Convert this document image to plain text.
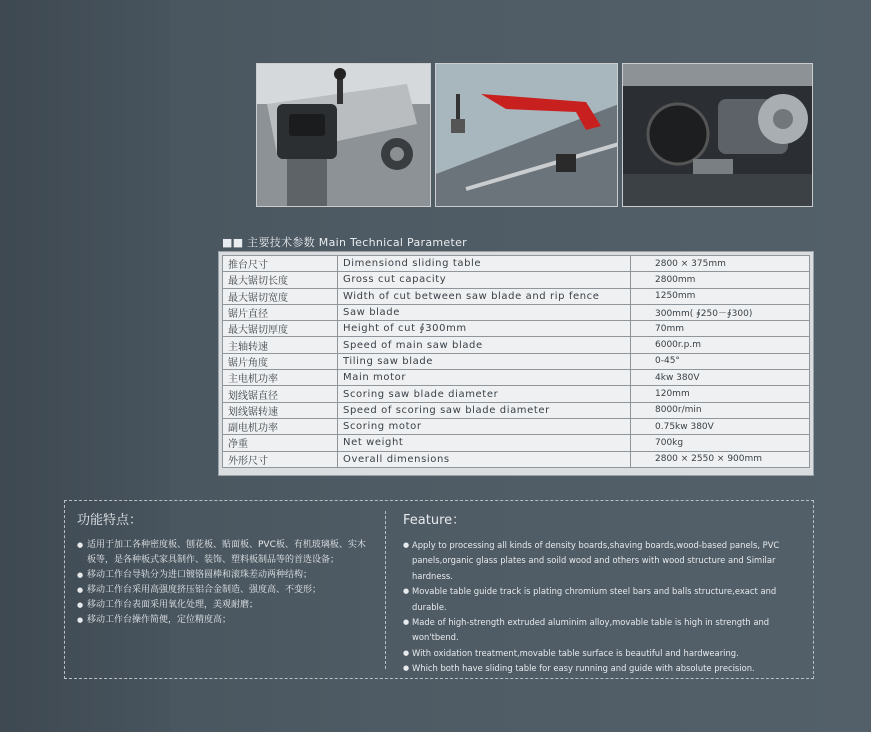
■■ 主要技术参数 Main Technical Parameter
推台尺寸	Dimensiond sliding table	2800 × 375mm
最大锯切长度	Gross cut capacity	2800mm
最大锯切宽度	Width of cut between saw blade and rip fence	1250mm
锯片直径	Saw blade	300mm( ∮250－∮300)
最大锯切厚度	Height of cut ∮300mm	70mm
主轴转速	Speed of main saw blade	6000r.p.m
锯片角度	Tiling saw blade	0-45°
主电机功率	Main motor	4kw 380V
划线锯直径	Scoring saw blade diameter	120mm
划线锯转速	Speed of scoring saw blade diameter	8000r/min
副电机功率	Scoring motor	0.75kw 380V
净重	Net weight	700kg
外形尺寸	Overall dimensions	2800 × 2550 × 900mm
功能特点：
● 适用于加工各种密度板、刨花板、贴面板、PVC板、有机玻璃板、实木板等，是各种板式家具制作、装饰、塑料板制品等的首选设备；
● 移动工作台导轨分为进口镀铬圆棒和滚珠差动两种结构；
● 移动工作台采用高强度挤压铝合金制造、强度高、不变形；
● 移动工作台表面采用氧化处理，美观耐磨；
● 移动工作台操作简便，定位精度高；
Feature：
● Apply to processing all kinds of density boards,shaving boards,wood-based panels, PVC panels,organic glass plates and soild wood and others with wood structure and Similar hardness.
● Movable table guide track is plating chromium steel bars and balls structure,exact and durable.
● Made of high-strength extruded aluminim alloy,movable table is high in strength and won'tbend.
● With oxidation treatment,movable table surface is beautiful and hardwearing.
● Which both have sliding table for easy running and guide with absolute precision.
